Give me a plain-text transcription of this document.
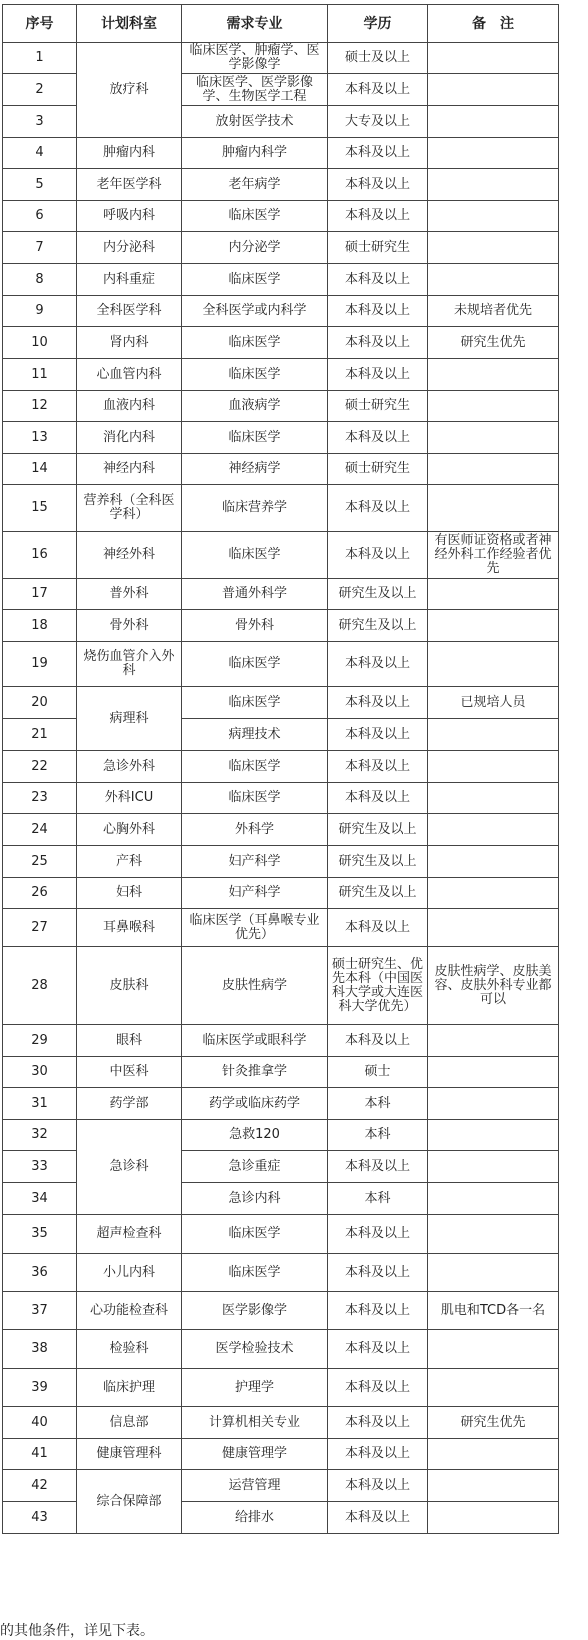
序号	计划科室	需求专业	学历	备　注
1	放疗科	临床医学、肿瘤学、医学影像学	硕士及以上	
2		临床医学、医学影像学、生物医学工程	本科及以上	
3		放射医学技术	大专及以上	
4	肿瘤内科	肿瘤内科学	本科及以上	
5	老年医学科	老年病学	本科及以上	
6	呼吸内科	临床医学	本科及以上	
7	内分泌科	内分泌学	硕士研究生	
8	内科重症	临床医学	本科及以上	
9	全科医学科	全科医学或内科学	本科及以上	未规培者优先
10	肾内科	临床医学	本科及以上	研究生优先
11	心血管内科	临床医学	本科及以上	
12	血液内科	血液病学	硕士研究生	
13	消化内科	临床医学	本科及以上	
14	神经内科	神经病学	硕士研究生	
15	营养科（全科医学科）	临床营养学	本科及以上	
16	神经外科	临床医学	本科及以上	有医师证资格或者神经外科工作经验者优先
17	普外科	普通外科学	研究生及以上	
18	骨外科	骨外科	研究生及以上	
19	烧伤血管介入外科	临床医学	本科及以上	
20	病理科	临床医学	本科及以上	已规培人员
21		病理技术	本科及以上	
22	急诊外科	临床医学	本科及以上	
23	外科ICU	临床医学	本科及以上	
24	心胸外科	外科学	研究生及以上	
25	产科	妇产科学	研究生及以上	
26	妇科	妇产科学	研究生及以上	
27	耳鼻喉科	临床医学（耳鼻喉专业优先）	本科及以上	
28	皮肤科	皮肤性病学	硕士研究生、优先本科（中国医科大学或大连医科大学优先）	皮肤性病学、皮肤美容、皮肤外科专业都可以
29	眼科	临床医学或眼科学	本科及以上	
30	中医科	针灸推拿学	硕士	
31	药学部	药学或临床药学	本科	
32	急诊科	急救120	本科	
33		急诊重症	本科及以上	
34		急诊内科	本科	
35	超声检查科	临床医学	本科及以上	
36	小儿内科	临床医学	本科及以上	
37	心功能检查科	医学影像学	本科及以上	肌电和TCD各一名
38	检验科	医学检验技术	本科及以上	
39	临床护理	护理学	本科及以上	
40	信息部	计算机相关专业	本科及以上	研究生优先
41	健康管理科	健康管理学	本科及以上	
42	综合保障部	运营管理	本科及以上	
43		给排水	本科及以上	
的其他条件，详见下表。
